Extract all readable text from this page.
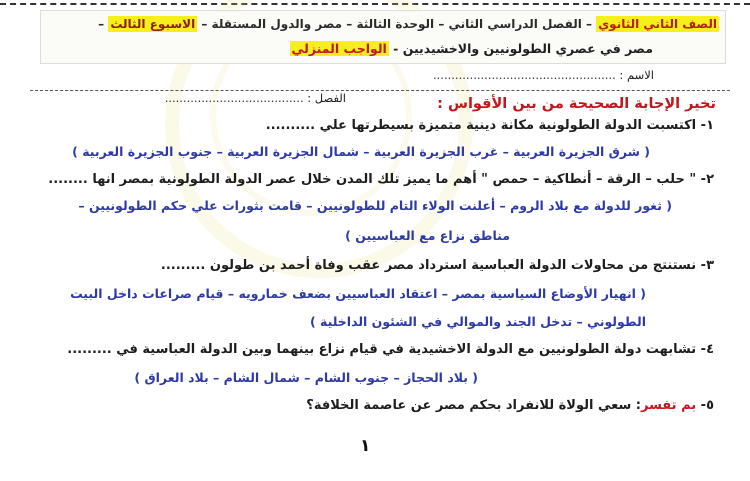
الصف الثاني الثانوي – الفصل الدراسي الثاني – الوحدة الثالثة – مصر والدول المستقلة – الاسبوع الثالث –
مصر في عصري الطولونيين والاخشيديين - الواجب المنزلي
الاسم : ..................................................
الفصل : ......................................	تخير الإجابة الصحيحة من بين الأقواس :
١- اكتسبت الدولة الطولونية مكانة دينية متميزة بسيطرتها علي ..........
( شرق الجزيرة العربية – غرب الجزيرة العربية – شمال الجزيرة العربية – جنوب الجزيرة العربية )
٢- " حلب – الرقة – أنطاكية – حمص " أهم ما يميز تلك المدن خلال عصر الدولة الطولونية بمصر انها ........
( ثغور للدولة مع بلاد الروم – أعلنت الولاء التام للطولونيين – قامت بثورات علي حكم الطولونيين –
مناطق نزاع مع العباسيين )
٣- نستنتج من محاولات الدولة العباسية استرداد مصر عقب وفاة أحمد بن طولون .........
( انهيار الأوضاع السياسية بمصر – اعتقاد العباسيين بضعف خمارويه – قيام صراعات داخل البيت
الطولوني – تدخل الجند والموالي في الشئون الداخلية )
٤- تشابهت دولة الطولونيين مع الدولة الاخشيدية في قيام نزاع بينهما وبين الدولة العباسية في .........
( بلاد الحجاز – جنوب الشام – شمال الشام – بلاد العراق )
٥- بم تفسر: سعي الولاة للانفراد بحكم مصر عن عاصمة الخلافة؟
١
